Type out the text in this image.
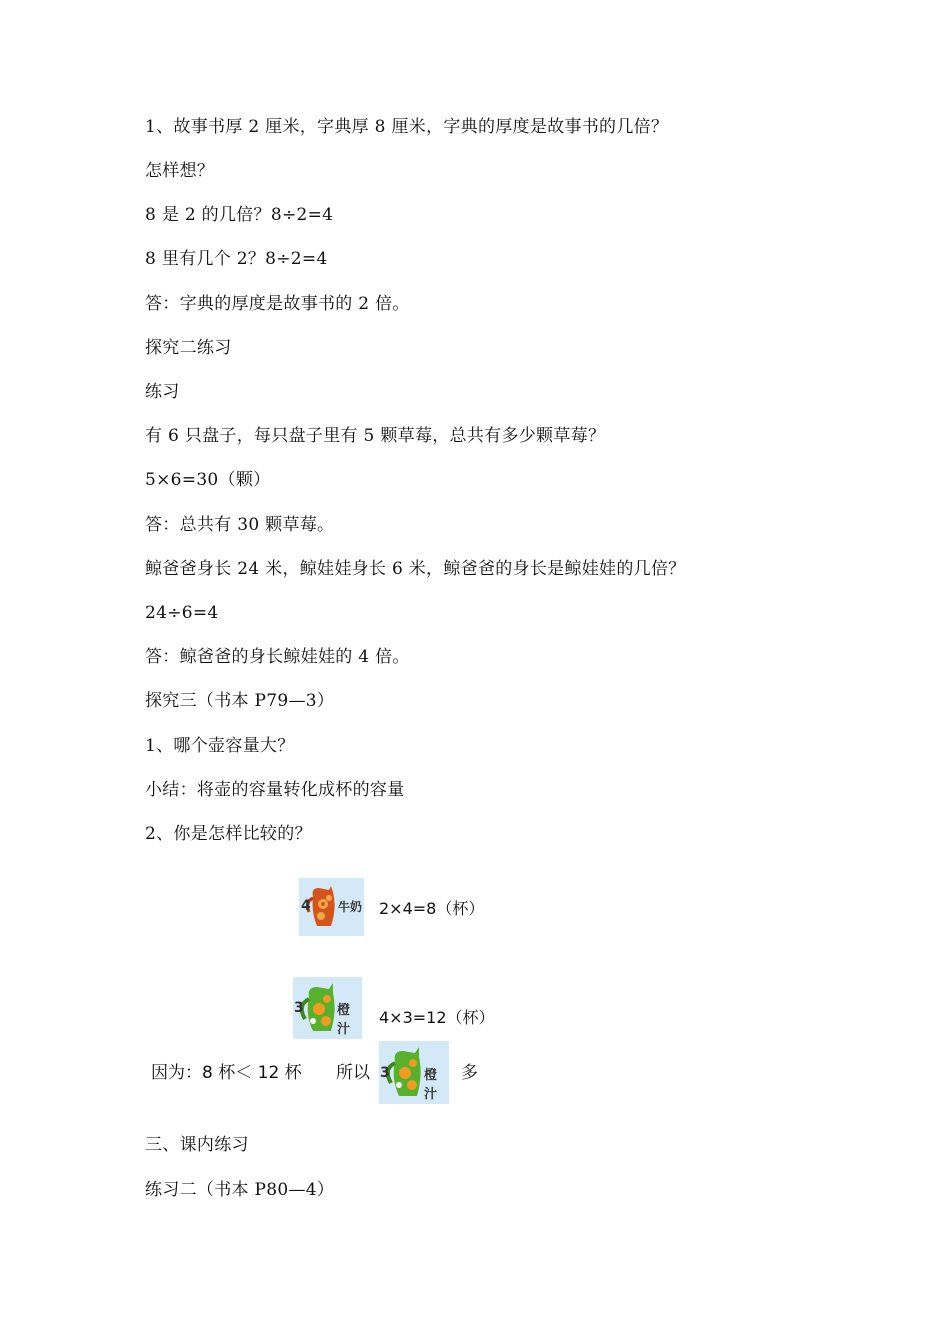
1、故事书厚 2 厘米，字典厚 8 厘米，字典的厚度是故事书的几倍？
怎样想？
8 是 2 的几倍？8÷2=4
8 里有几个 2？8÷2=4
答：字典的厚度是故事书的 2 倍。
探究二练习
练习
有 6 只盘子，每只盘子里有 5 颗草莓，总共有多少颗草莓？
5×6=30（颗）
答：总共有 30 颗草莓。
鲸爸爸身长 24 米，鲸娃娃身长 6 米，鲸爸爸的身长是鲸娃娃的几倍？
24÷6=4
答：鲸爸爸的身长鲸娃娃的 4 倍。
探究三（书本 P79—3）
1、哪个壶容量大？
小结：将壶的容量转化成杯的容量
2、你是怎样比较的？
4 牛奶 2×4=8（杯）
3	橙汁
4×3=12（杯）
因为：8 杯＜ 12 杯 所以 3	橙汁
多
三、课内练习
练习二（书本 P80—4）
